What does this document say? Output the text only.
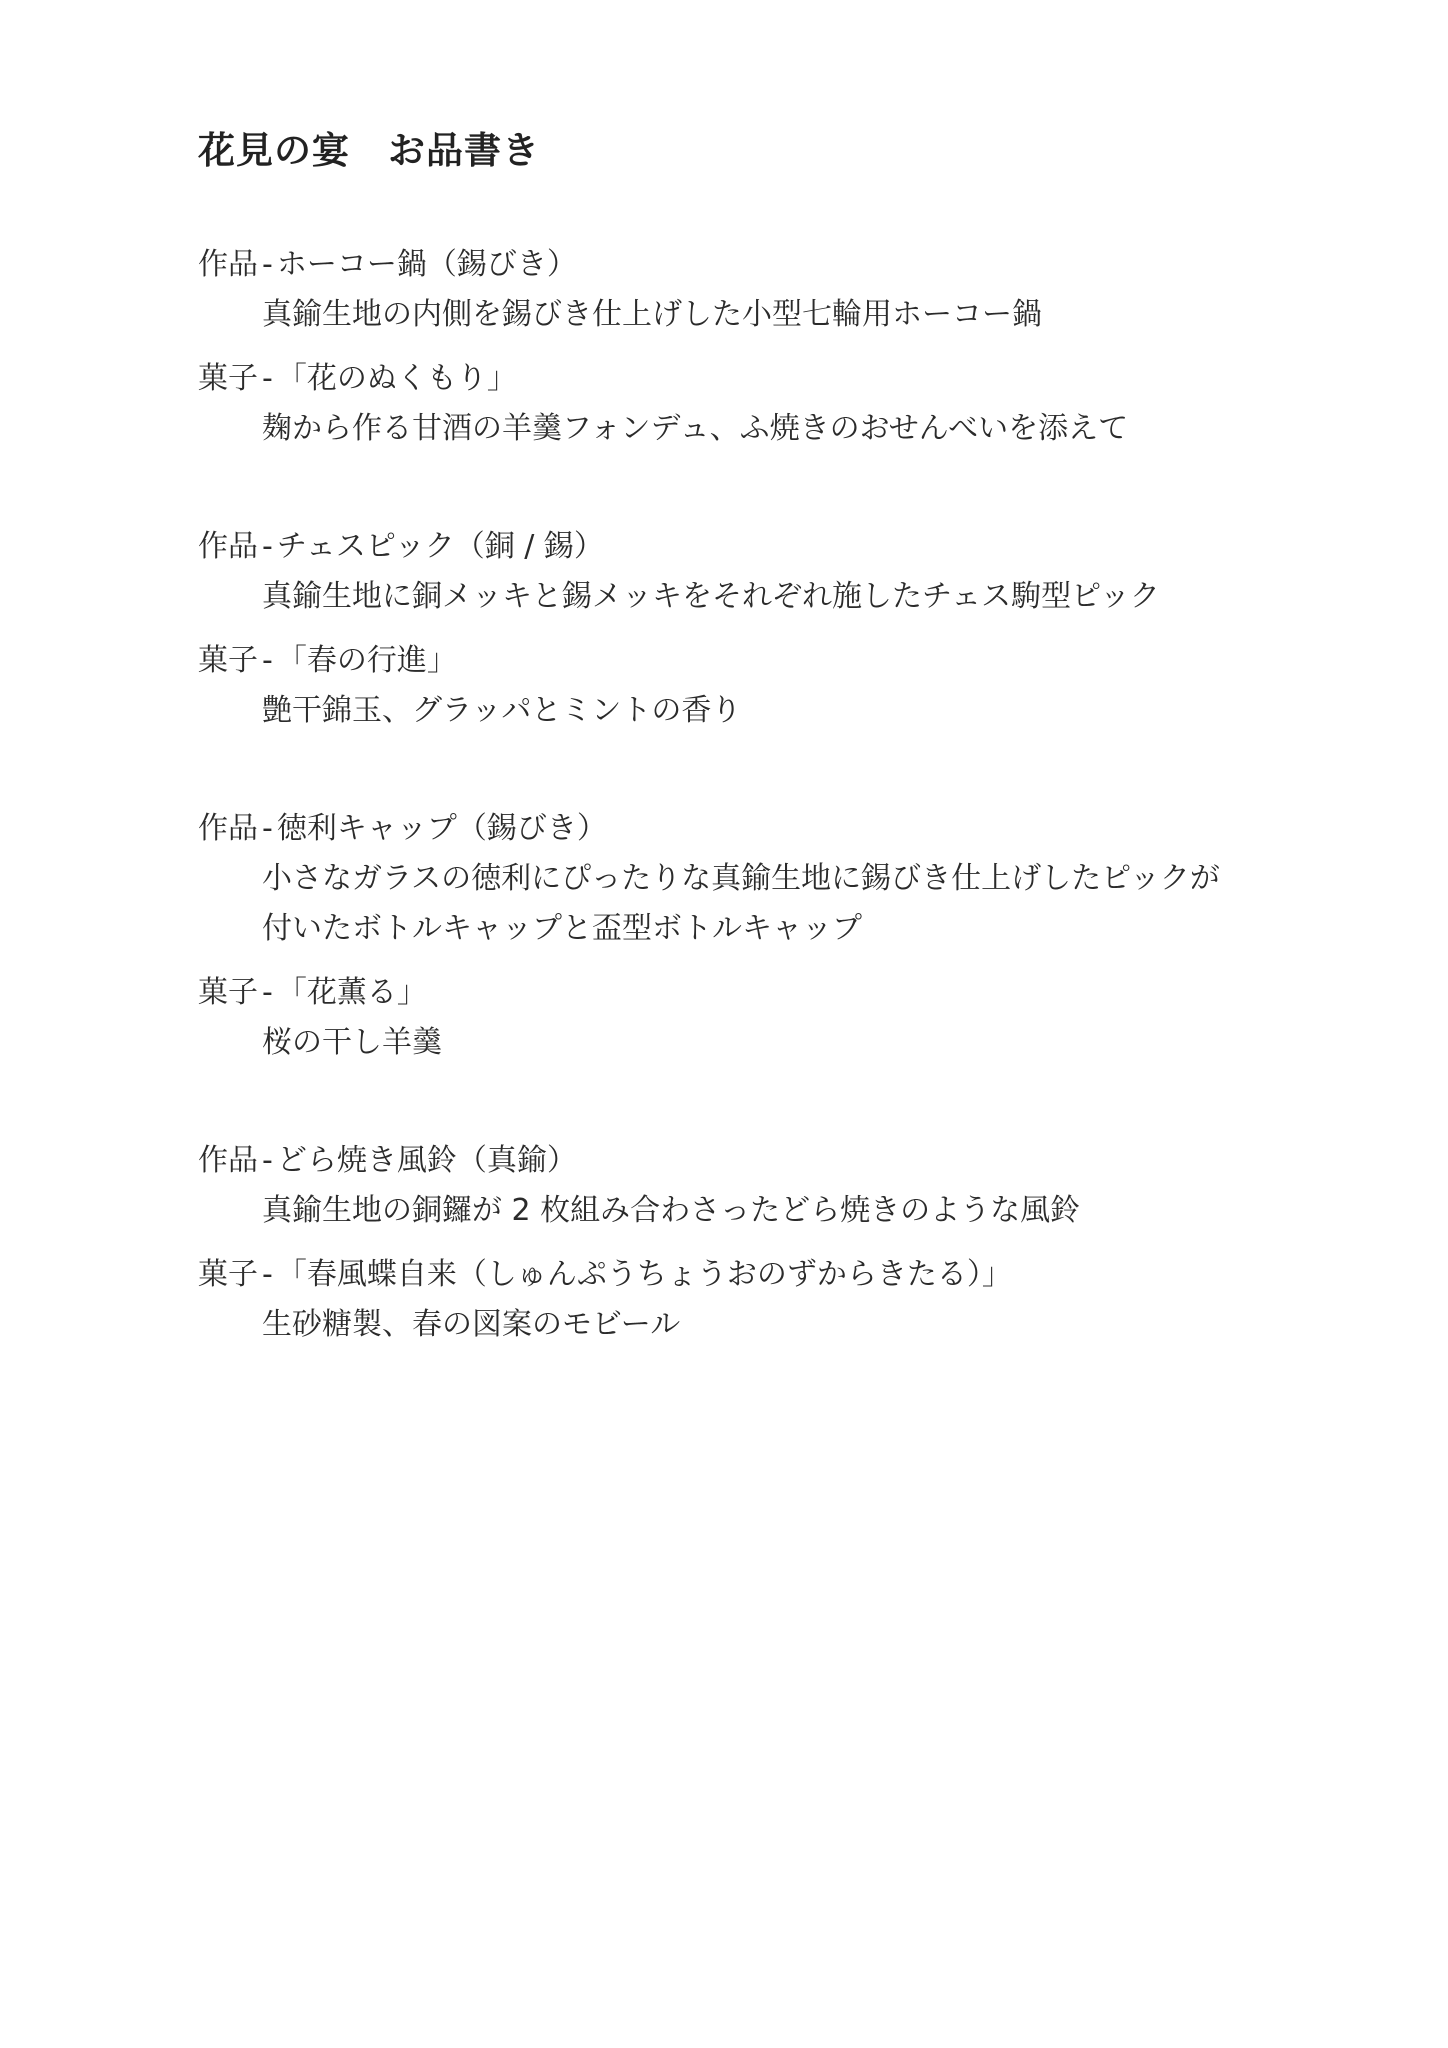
花見の宴　お品書き
作品 - ホーコー鍋（錫びき）
真鍮生地の内側を錫びき仕上げした小型七輪用ホーコー鍋
菓子 - 「花のぬくもり」
麹から作る甘酒の羊羹フォンデュ、ふ焼きのおせんべいを添えて
作品 - チェスピック（銅 / 錫）
真鍮生地に銅メッキと錫メッキをそれぞれ施したチェス駒型ピック
菓子 - 「春の行進」
艶干錦玉、グラッパとミントの香り
作品 - 徳利キャップ（錫びき）
小さなガラスの徳利にぴったりな真鍮生地に錫びき仕上げしたピックが
付いたボトルキャップと盃型ボトルキャップ
菓子 - 「花薫る」
桜の干し羊羹
作品 - どら焼き風鈴（真鍮）
真鍮生地の銅鑼が 2 枚組み合わさったどら焼きのような風鈴
菓子 - 「春風蝶自来（しゅんぷうちょうおのずからきたる）」
生砂糖製、春の図案のモビール
